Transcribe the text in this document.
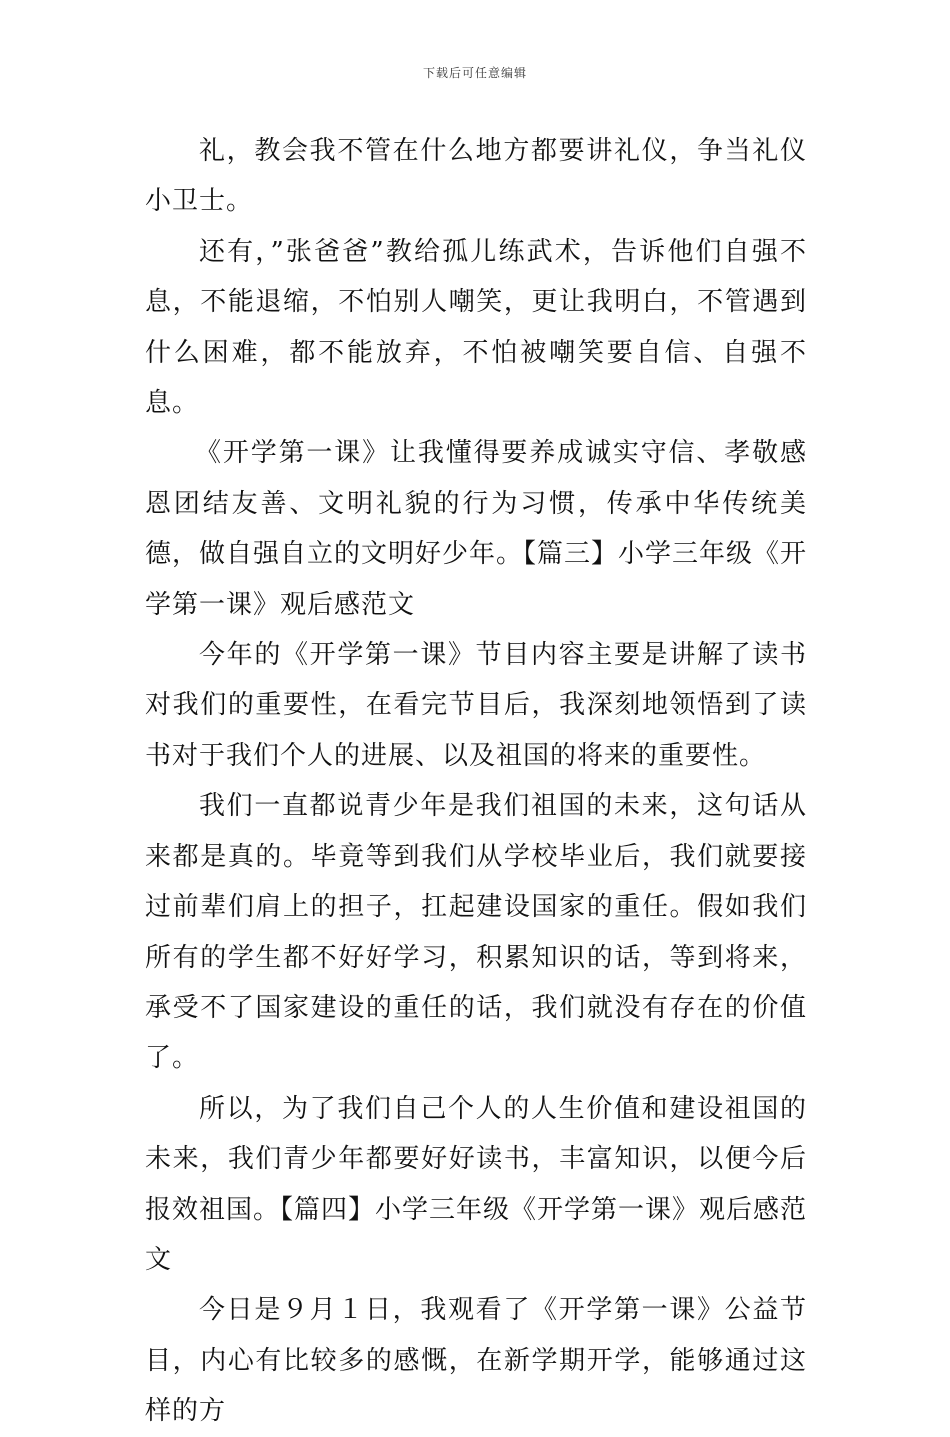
下载后可任意编辑

礼，教会我不管在什么地方都要讲礼仪，争当礼仪小卫士。

还有，”张爸爸”教给孤儿练武术，告诉他们自强不息，不能退缩，不怕别人嘲笑，更让我明白，不管遇到什么困难，都不能放弃，不怕被嘲笑要自信、自强不息。

《开学第一课》让我懂得要养成诚实守信、孝敬感恩团结友善、文明礼貌的行为习惯，传承中华传统美德，做自强自立的文明好少年。【篇三】小学三年级《开学第一课》观后感范文

今年的《开学第一课》节目内容主要是讲解了读书对我们的重要性，在看完节目后，我深刻地领悟到了读书对于我们个人的进展、以及祖国的将来的重要性。

我们一直都说青少年是我们祖国的未来，这句话从来都是真的。毕竟等到我们从学校毕业后，我们就要接过前辈们肩上的担子，扛起建设国家的重任。假如我们所有的学生都不好好学习，积累知识的话，等到将来，承受不了国家建设的重任的话，我们就没有存在的价值了。

所以，为了我们自己个人的人生价值和建设祖国的未来，我们青少年都要好好读书，丰富知识，以便今后报效祖国。【篇四】小学三年级《开学第一课》观后感范文

今日是９月１日，我观看了《开学第一课》公益节目，内心有比较多的感慨，在新学期开学，能够通过这样的方
